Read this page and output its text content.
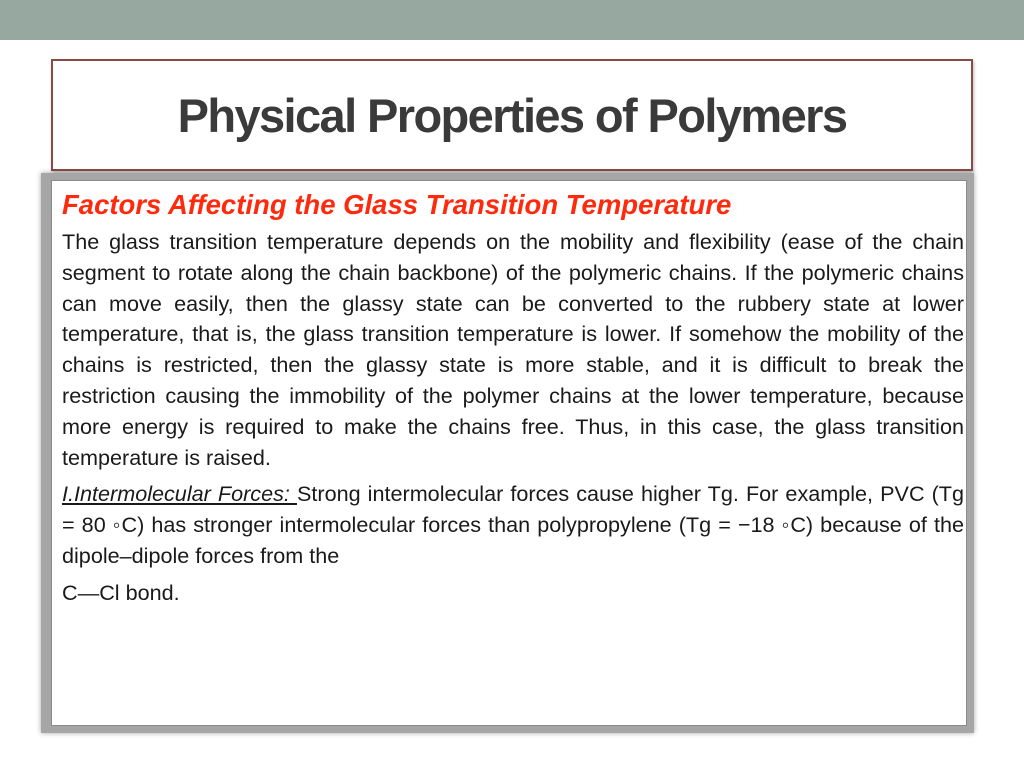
Physical Properties of Polymers
Factors Affecting the Glass Transition Temperature

The glass transition temperature depends on the mobility and flexibility (ease of the chain segment to rotate along the chain backbone) of the polymeric chains. If the polymeric chains can move easily, then the glassy state can be converted to the rubbery state at lower temperature, that is, the glass transition temperature is lower. If somehow the mobility of the chains is restricted, then the glassy state is more stable, and it is difficult to break the restriction causing the immobility of the polymer chains at the lower temperature, because more energy is required to make the chains free. Thus, in this case, the glass transition temperature is raised.

I.Intermolecular Forces: Strong intermolecular forces cause higher Tg. For example, PVC (Tg = 80 ◦C) has stronger intermolecular forces than polypropylene (Tg = −18 ◦C) because of the dipole–dipole forces from the

C—Cl bond.
